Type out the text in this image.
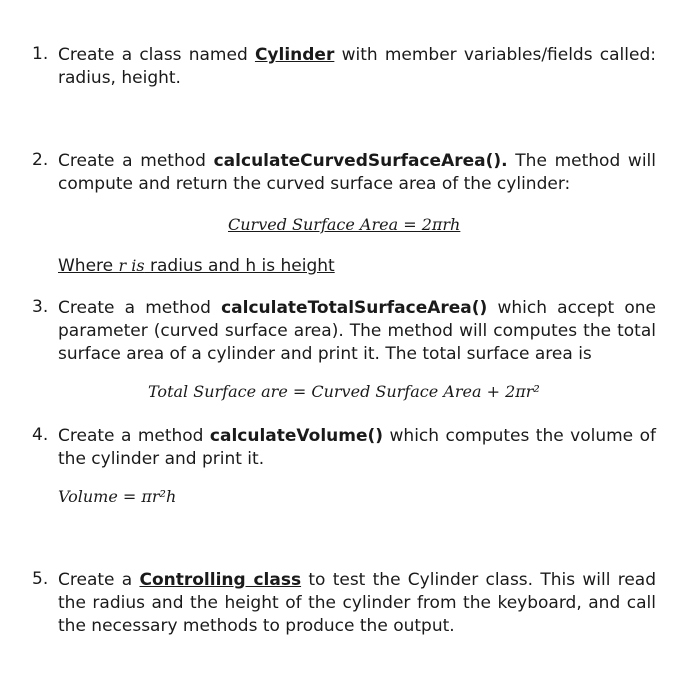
1. Create a class named Cylinder with member variables/fields called: radius, height.
2. Create a method calculateCurvedSurfaceArea(). The method will compute and return the curved surface area of the cylinder:
Curved Surface Area = 2πrh
Where r is radius and h is height
3. Create a method calculateTotalSurfaceArea() which accept one parameter (curved surface area). The method will computes the total surface area of a cylinder and print it. The total surface area is
Total Surface are = Curved Surface Area + 2πr²
4. Create a method calculateVolume() which computes the volume of the cylinder and print it.
Volume = πr²h
5. Create a Controlling class to test the Cylinder class. This will read the radius and the height of the cylinder from the keyboard, and call the necessary methods to produce the output.
